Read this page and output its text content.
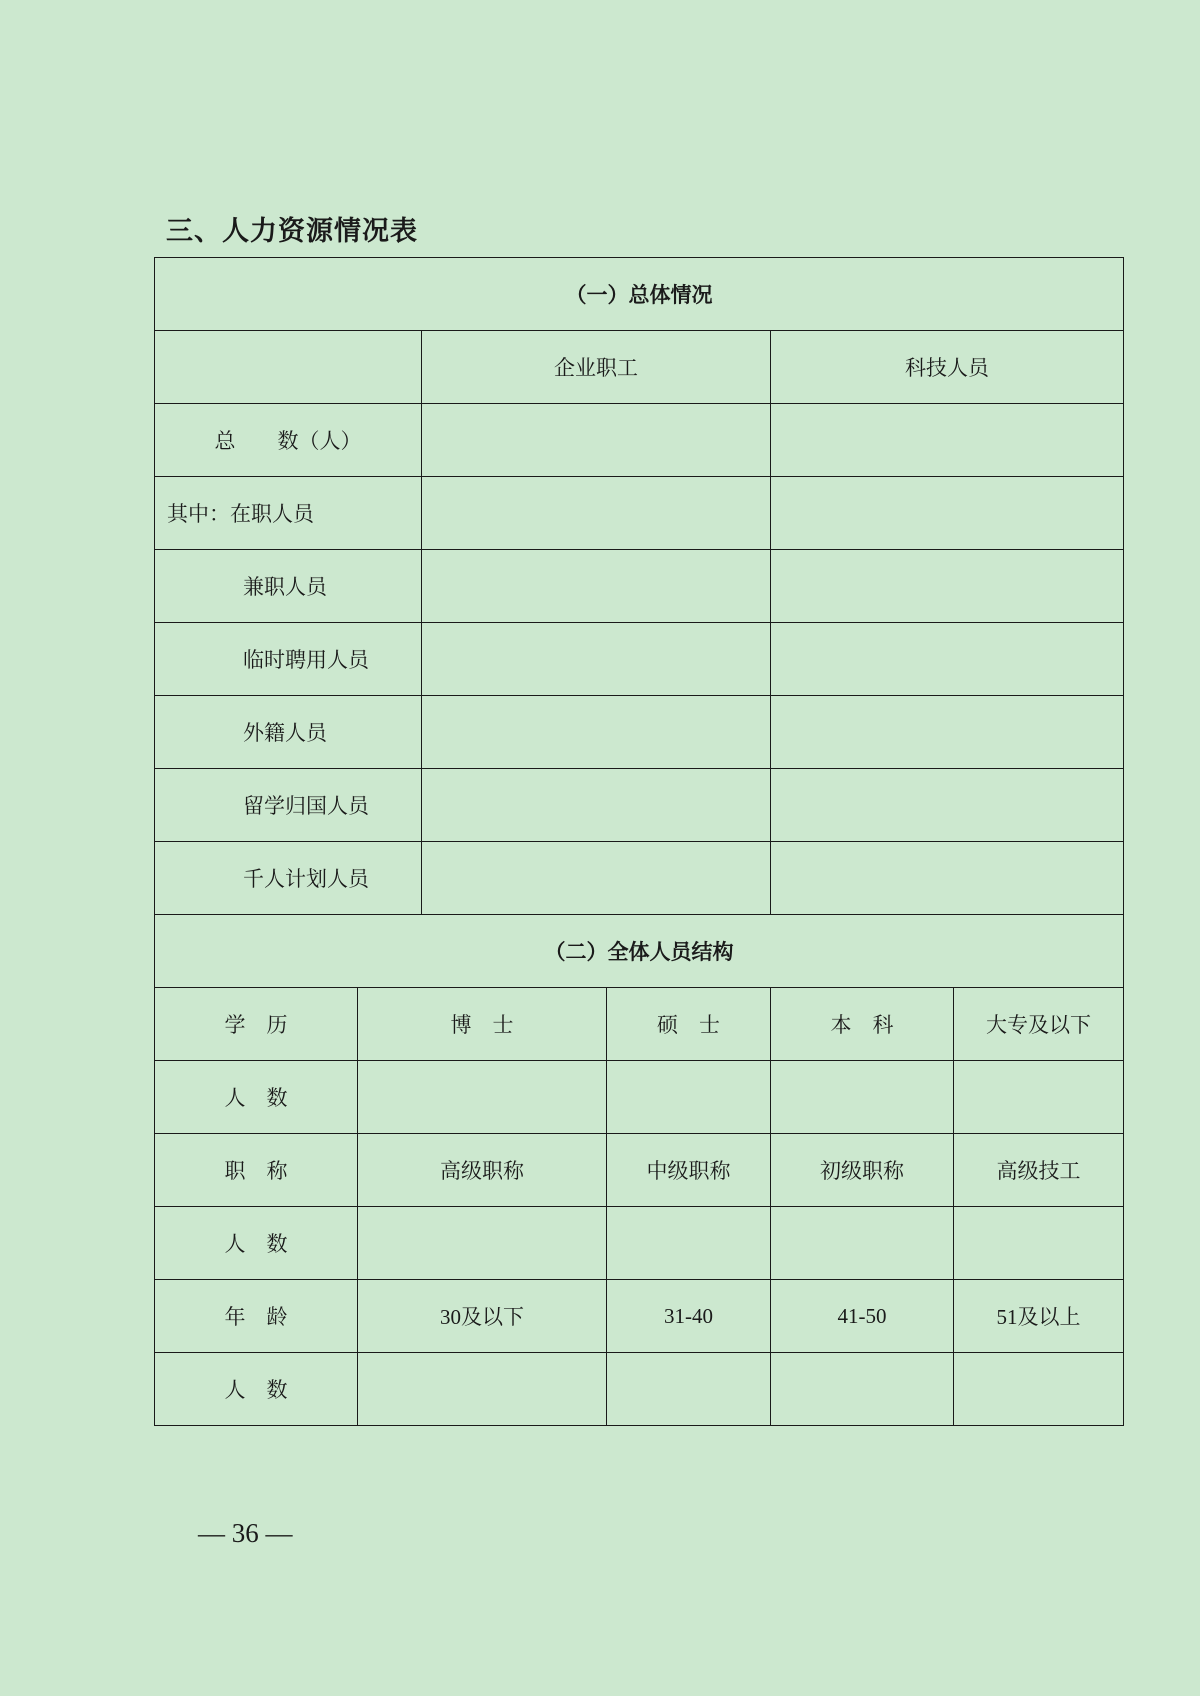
三、人力资源情况表
（一）总体情况					
		企业职工		科技人员	
总　　数（人）					
其中：在职人员					
兼职人员					
临时聘用人员					
外籍人员					
留学归国人员					
千人计划人员					
（二）全体人员结构					
学　历	博　士		硕　士	本　科	大专及以下
人　数					
职　称	高级职称		中级职称	初级职称	高级技工
人　数					
年　龄	30及以下		31-40	41-50	51及以上
人　数					
— 36 —
